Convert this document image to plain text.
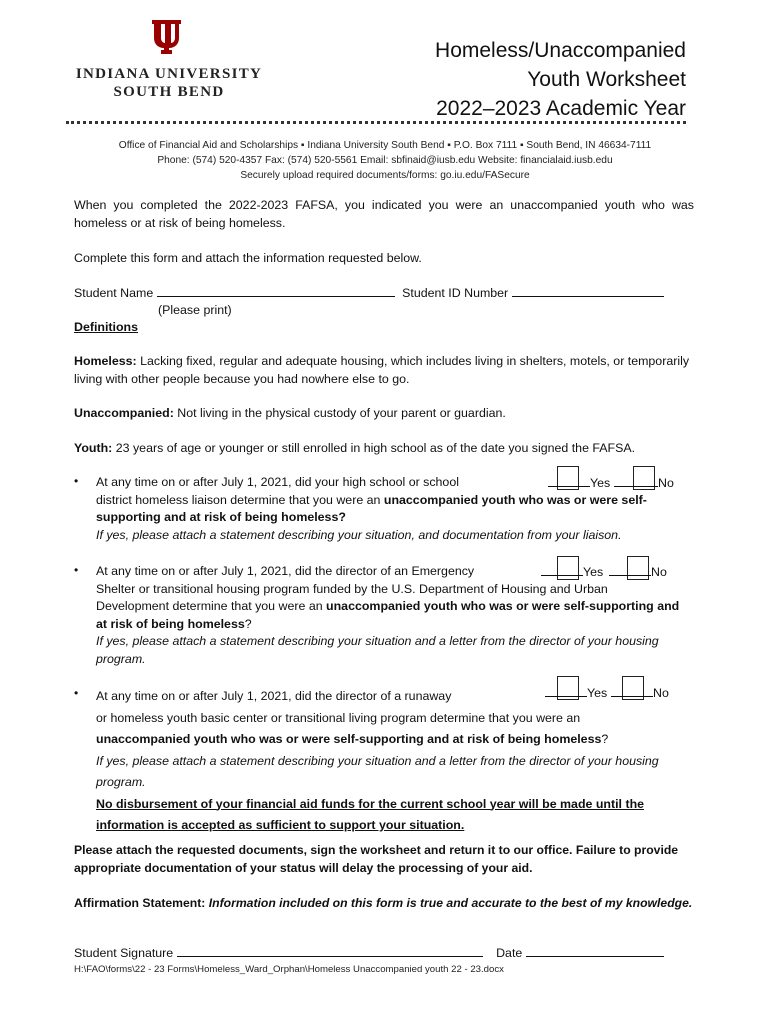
INDIANA UNIVERSITY
SOUTH BEND
Homeless/Unaccompanied
Youth Worksheet
2022–2023 Academic Year
Office of Financial Aid and Scholarships ▪ Indiana University South Bend ▪ P.O. Box 7111 ▪ South Bend, IN 46634-7111
Phone: (574) 520-4357 Fax: (574) 520-5561 Email: sbfinaid@iusb.edu Website: financialaid.iusb.edu
Securely upload required documents/forms: go.iu.edu/FASecure
When you completed the 2022-2023 FAFSA, you indicated you were an unaccompanied youth who was homeless or at risk of being homeless.
Complete this form and attach the information requested below.
Student Name	Student ID Number
(Please print)
Definitions
Homeless: Lacking fixed, regular and adequate housing, which includes living in shelters, motels, or temporarily living with other people because you had nowhere else to go.
Unaccompanied: Not living in the physical custody of your parent or guardian.
Youth: 23 years of age or younger or still enrolled in high school as of the date you signed the FAFSA.
• At any time on or after July 1, 2021, did your high school or school
district homeless liaison determine that you were an unaccompanied youth who was or were self-
supporting and at risk of being homeless?
If yes, please attach a statement describing your situation, and documentation from your liaison.
Yes	No
• At any time on or after July 1, 2021, did the director of an Emergency
Shelter or transitional housing program funded by the U.S. Department of Housing and Urban
Development determine that you were an unaccompanied youth who was or were self-supporting and
at risk of being homeless?
If yes, please attach a statement describing your situation and a letter from the director of your housing
program.
Yes	No
• At any time on or after July 1, 2021, did the director of a runaway
or homeless youth basic center or transitional living program determine that you were an
unaccompanied youth who was or were self-supporting and at risk of being homeless?
If yes, please attach a statement describing your situation and a letter from the director of your housing
program.
No disbursement of your financial aid funds for the current school year will be made until the
information is accepted as sufficient to support your situation.
Yes	No
Please attach the requested documents, sign the worksheet and return it to our office. Failure to provide appropriate documentation of your status will delay the processing of your aid.
Affirmation Statement: Information included on this form is true and accurate to the best of my knowledge.
Student Signature	Date
H:\FAO\forms\22 - 23 Forms\Homeless_Ward_Orphan\Homeless Unaccompanied youth 22 - 23.docx
